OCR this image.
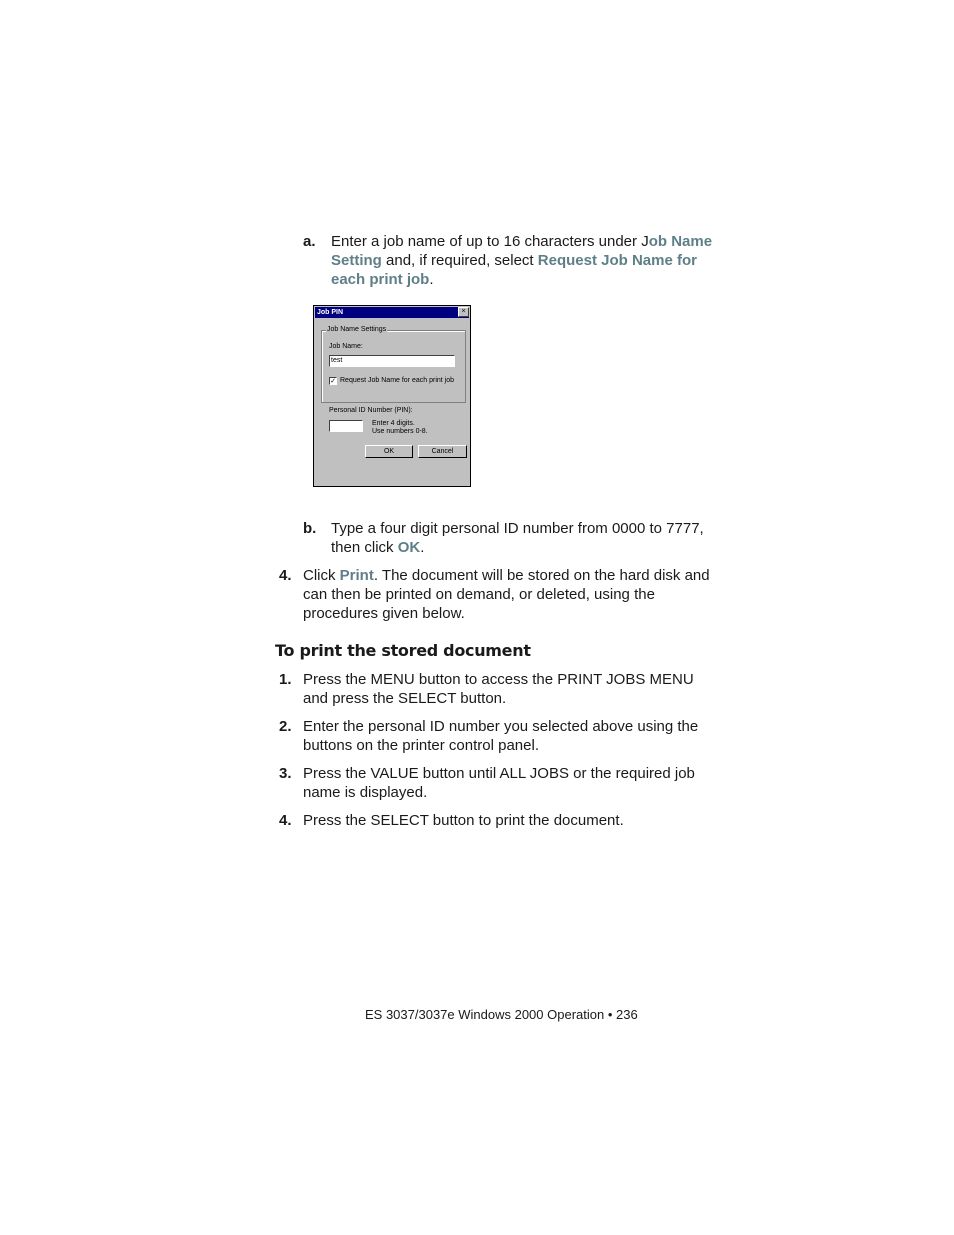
a. Enter a job name of up to 16 characters under Job Name
Setting and, if required, select Request Job Name for
each print job.
Job PIN	×
Job Name Settings
Job Name:
test
✓ Request Job Name for each print job
Personal ID Number (PIN):
Enter 4 digits.
Use numbers 0-8.
OK	Cancel
b. Type a four digit personal ID number from 0000 to 7777,
then click OK.
4. Click Print. The document will be stored on the hard disk and
can then be printed on demand, or deleted, using the
procedures given below.
To print the stored document
1. Press the MENU button to access the PRINT JOBS MENU
and press the SELECT button.
2. Enter the personal ID number you selected above using the
buttons on the printer control panel.
3. Press the VALUE button until ALL JOBS or the required job
name is displayed.
4. Press the SELECT button to print the document.
ES 3037/3037e Windows 2000 Operation • 236
